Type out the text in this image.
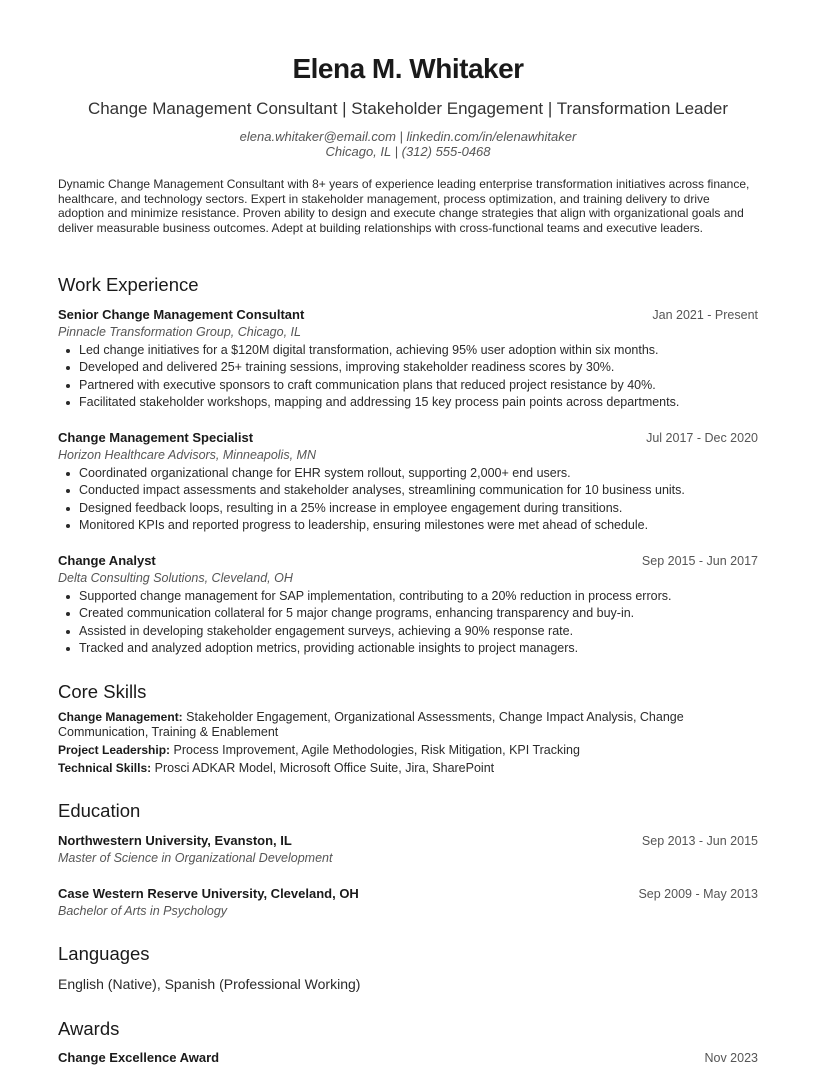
Elena M. Whitaker
Change Management Consultant | Stakeholder Engagement | Transformation Leader
elena.whitaker@email.com | linkedin.com/in/elenawhitaker
Chicago, IL | (312) 555-0468
Dynamic Change Management Consultant with 8+ years of experience leading enterprise transformation initiatives across finance, healthcare, and technology sectors. Expert in stakeholder management, process optimization, and training delivery to drive adoption and minimize resistance. Proven ability to design and execute change strategies that align with organizational goals and deliver measurable business outcomes. Adept at building relationships with cross-functional teams and executive leaders.
Work Experience
Senior Change Management Consultant	Jan 2021 - Present
Pinnacle Transformation Group, Chicago, IL
Led change initiatives for a $120M digital transformation, achieving 95% user adoption within six months.
Developed and delivered 25+ training sessions, improving stakeholder readiness scores by 30%.
Partnered with executive sponsors to craft communication plans that reduced project resistance by 40%.
Facilitated stakeholder workshops, mapping and addressing 15 key process pain points across departments.
Change Management Specialist	Jul 2017 - Dec 2020
Horizon Healthcare Advisors, Minneapolis, MN
Coordinated organizational change for EHR system rollout, supporting 2,000+ end users.
Conducted impact assessments and stakeholder analyses, streamlining communication for 10 business units.
Designed feedback loops, resulting in a 25% increase in employee engagement during transitions.
Monitored KPIs and reported progress to leadership, ensuring milestones were met ahead of schedule.
Change Analyst	Sep 2015 - Jun 2017
Delta Consulting Solutions, Cleveland, OH
Supported change management for SAP implementation, contributing to a 20% reduction in process errors.
Created communication collateral for 5 major change programs, enhancing transparency and buy-in.
Assisted in developing stakeholder engagement surveys, achieving a 90% response rate.
Tracked and analyzed adoption metrics, providing actionable insights to project managers.
Core Skills
Change Management: Stakeholder Engagement, Organizational Assessments, Change Impact Analysis, Change Communication, Training & Enablement
Project Leadership: Process Improvement, Agile Methodologies, Risk Mitigation, KPI Tracking
Technical Skills: Prosci ADKAR Model, Microsoft Office Suite, Jira, SharePoint
Education
Northwestern University, Evanston, IL	Sep 2013 - Jun 2015
Master of Science in Organizational Development
Case Western Reserve University, Cleveland, OH	Sep 2009 - May 2013
Bachelor of Arts in Psychology
Languages
English (Native), Spanish (Professional Working)
Awards
Change Excellence Award	Nov 2023
